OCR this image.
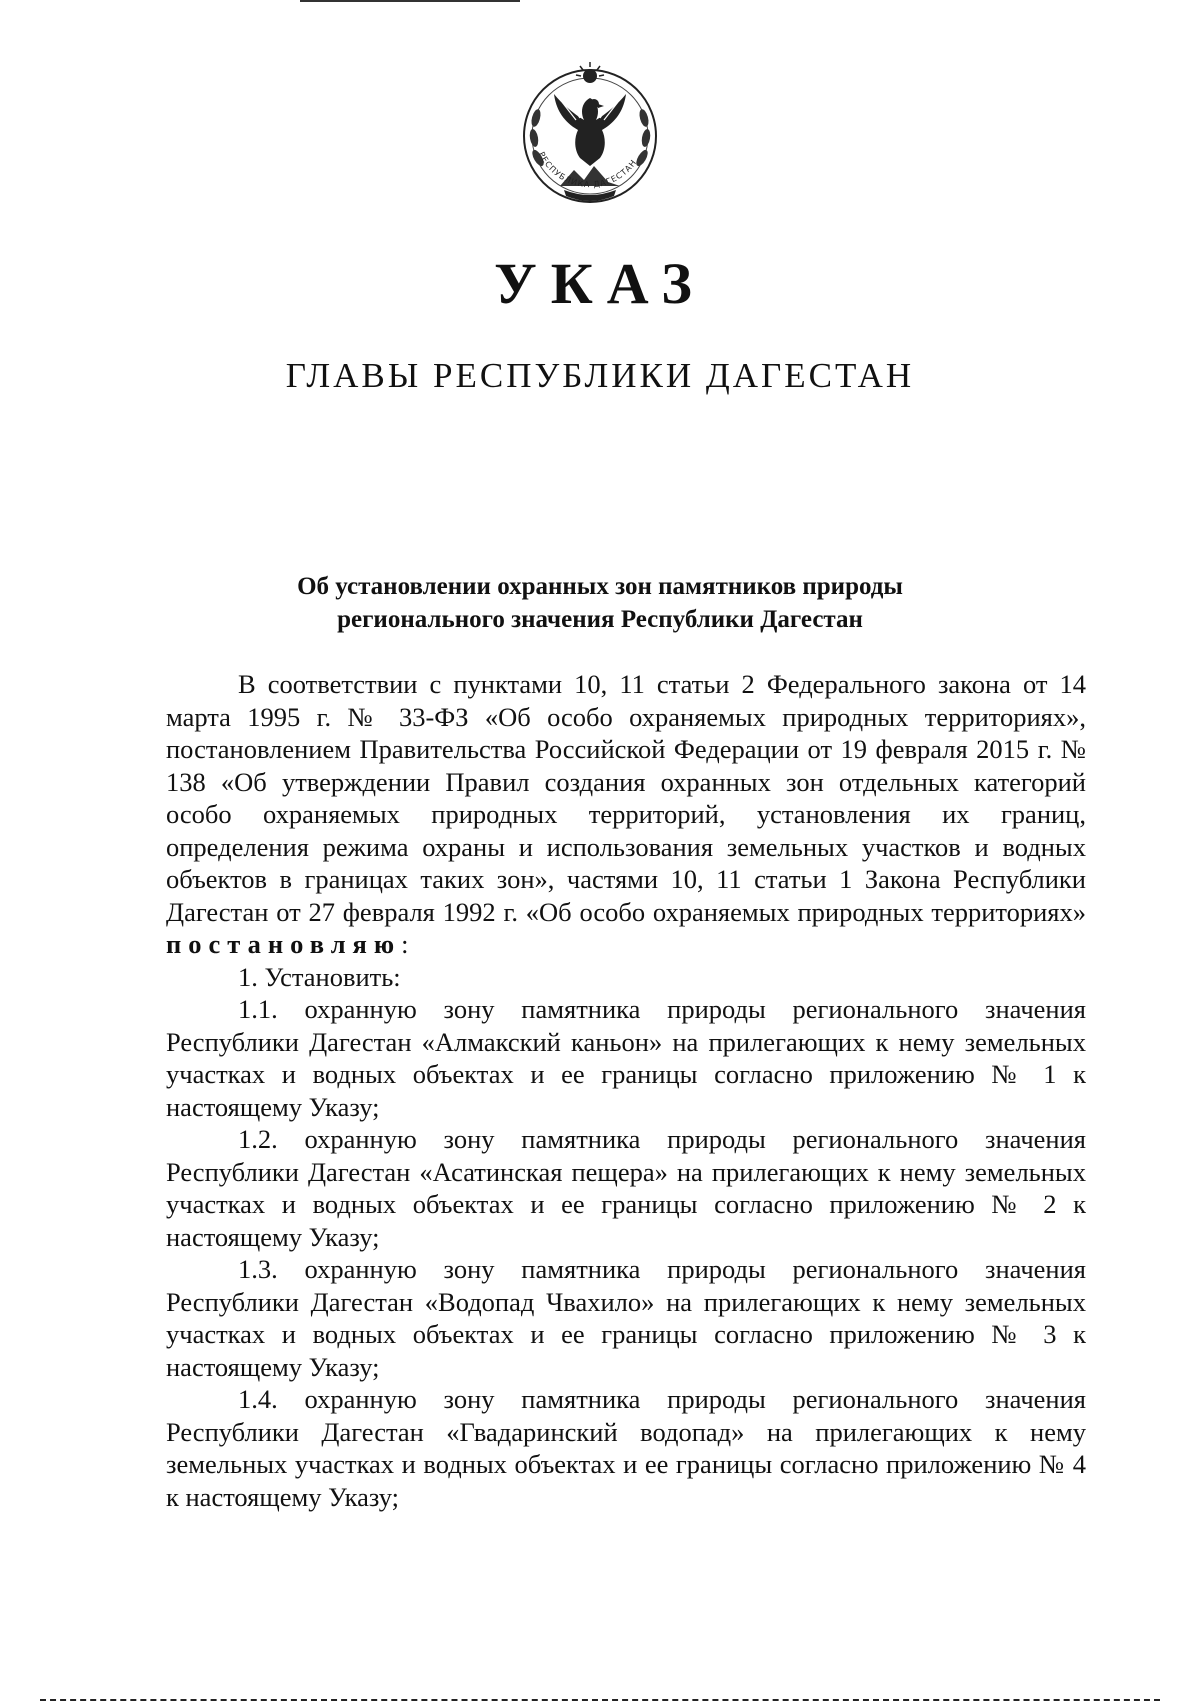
РЕСПУБЛИКА ДАГЕСТАН
УКАЗ
ГЛАВЫ РЕСПУБЛИКИ ДАГЕСТАН
Об установлении охранных зон памятников природы
регионального значения Республики Дагестан

В соответствии с пунктами 10, 11 статьи 2 Федерального закона от 14 марта 1995 г. № 33-ФЗ «Об особо охраняемых природных территориях», постановлением Правительства Российской Федерации от 19 февраля 2015 г. № 138 «Об утверждении Правил создания охранных зон отдельных категорий особо охраняемых природных территорий, установления их границ, определения режима охраны и использования земельных участков и водных объектов в границах таких зон», частями 10, 11 статьи 1 Закона Республики Дагестан от 27 февраля 1992 г. «Об особо охраняемых природных территориях» постановляю:

1. Установить:

1.1. охранную зону памятника природы регионального значения Республики Дагестан «Алмакский каньон» на прилегающих к нему земельных участках и водных объектах и ее границы согласно приложению № 1 к настоящему Указу;

1.2. охранную зону памятника природы регионального значения Республики Дагестан «Асатинская пещера» на прилегающих к нему земельных участках и водных объектах и ее границы согласно приложению № 2 к настоящему Указу;

1.3. охранную зону памятника природы регионального значения Республики Дагестан «Водопад Чвахило» на прилегающих к нему земельных участках и водных объектах и ее границы согласно приложению № 3 к настоящему Указу;

1.4. охранную зону памятника природы регионального значения Республики Дагестан «Гвадаринский водопад» на прилегающих к нему земельных участках и водных объектах и ее границы согласно приложению № 4 к настоящему Указу;
